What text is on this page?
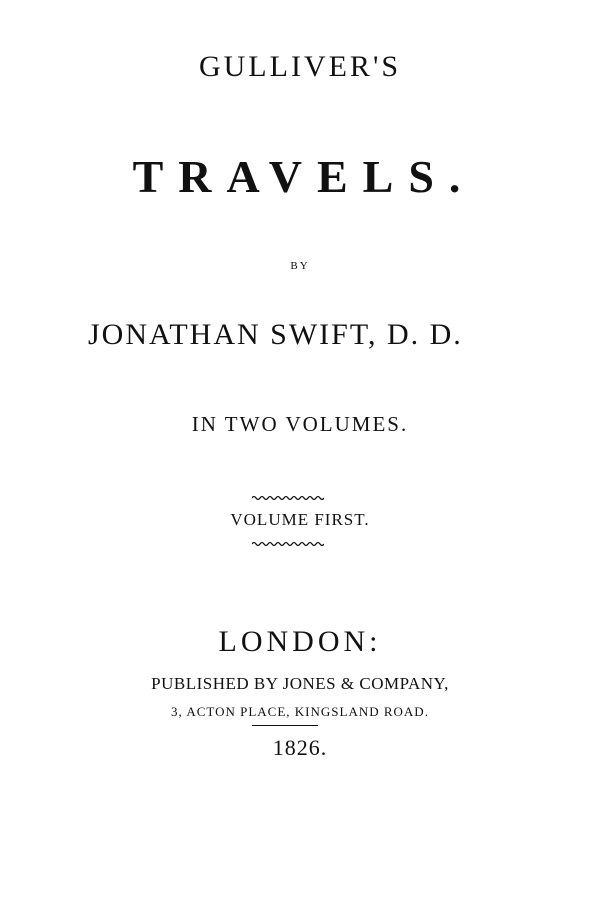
GULLIVER'S
TRAVELS.
BY
JONATHAN SWIFT, D. D.
IN TWO VOLUMES.
VOLUME FIRST.
LONDON:
PUBLISHED BY JONES & COMPANY,
3, ACTON PLACE, KINGSLAND ROAD.
1826.
